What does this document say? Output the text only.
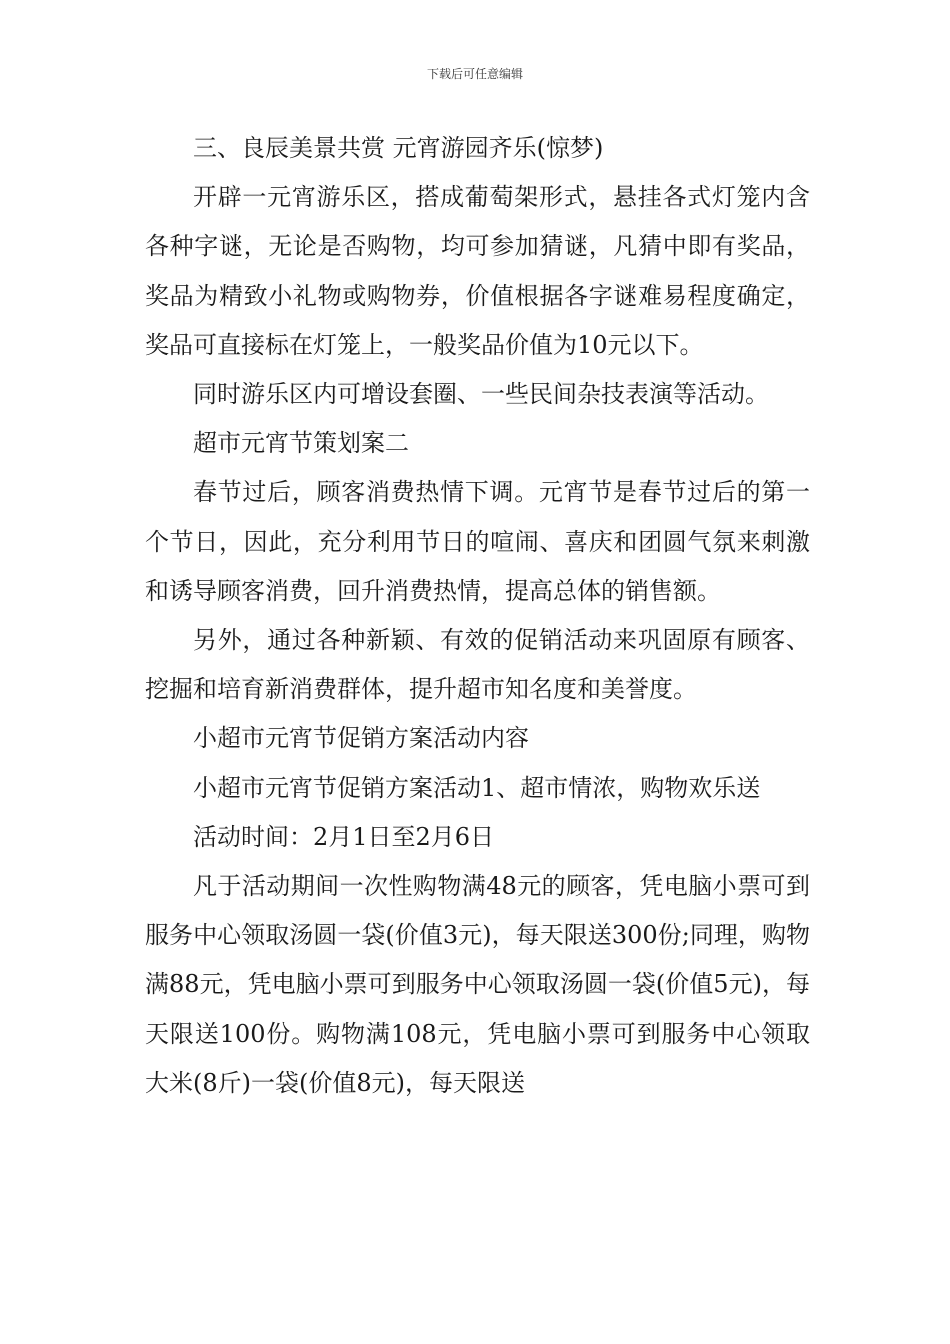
下载后可任意编辑

三、良辰美景共赏 元宵游园齐乐(惊梦)

开辟一元宵游乐区，搭成葡萄架形式，悬挂各式灯笼内含各种字谜，无论是否购物，均可参加猜谜，凡猜中即有奖品，奖品为精致小礼物或购物券，价值根据各字谜难易程度确定，奖品可直接标在灯笼上，一般奖品价值为10元以下。

同时游乐区内可增设套圈、一些民间杂技表演等活动。

超市元宵节策划案二

春节过后，顾客消费热情下调。元宵节是春节过后的第一个节日，因此，充分利用节日的喧闹、喜庆和团圆气氛来刺激和诱导顾客消费，回升消费热情，提高总体的销售额。

另外，通过各种新颖、有效的促销活动来巩固原有顾客、挖掘和培育新消费群体，提升超市知名度和美誉度。

小超市元宵节促销方案活动内容

小超市元宵节促销方案活动1、超市情浓，购物欢乐送

活动时间：2月1日至2月6日

凡于活动期间一次性购物满48元的顾客，凭电脑小票可到服务中心领取汤圆一袋(价值3元)，每天限送300份;同理，购物满88元，凭电脑小票可到服务中心领取汤圆一袋(价值5元)，每天限送100份。购物满108元，凭电脑小票可到服务中心领取大米(8斤)一袋(价值8元)，每天限送
